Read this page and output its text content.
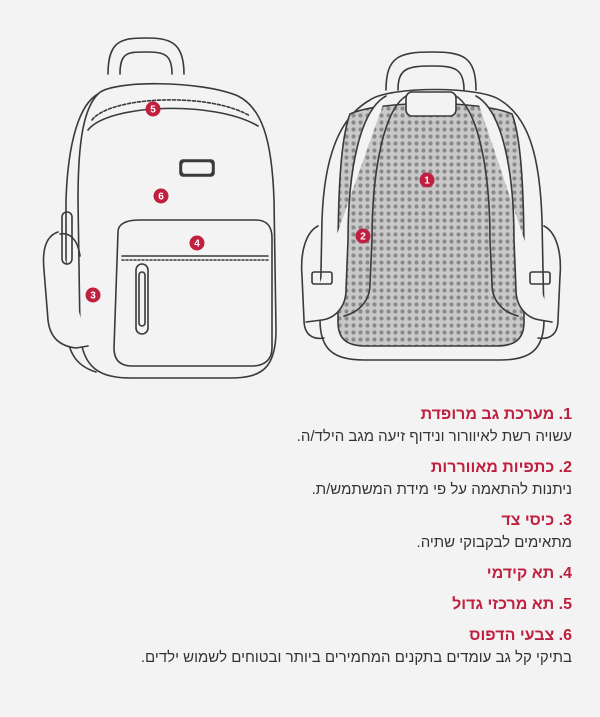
5
6
4
3
1
2
1. מערכת גב מרופדת
עשויה רשת לאיוורור ונידוף זיעה מגב הילד/ה.
2. כתפיות מאווררות
ניתנות להתאמה על פי מידת המשתמש/ת.
3. כיסי צד
מתאימים לבקבוקי שתיה.
4. תא קידמי
5. תא מרכזי גדול
6. צבעי הדפוס
בתיקי קל גב עומדים בתקנים המחמירים ביותר ובטוחים לשמוש ילדים.
